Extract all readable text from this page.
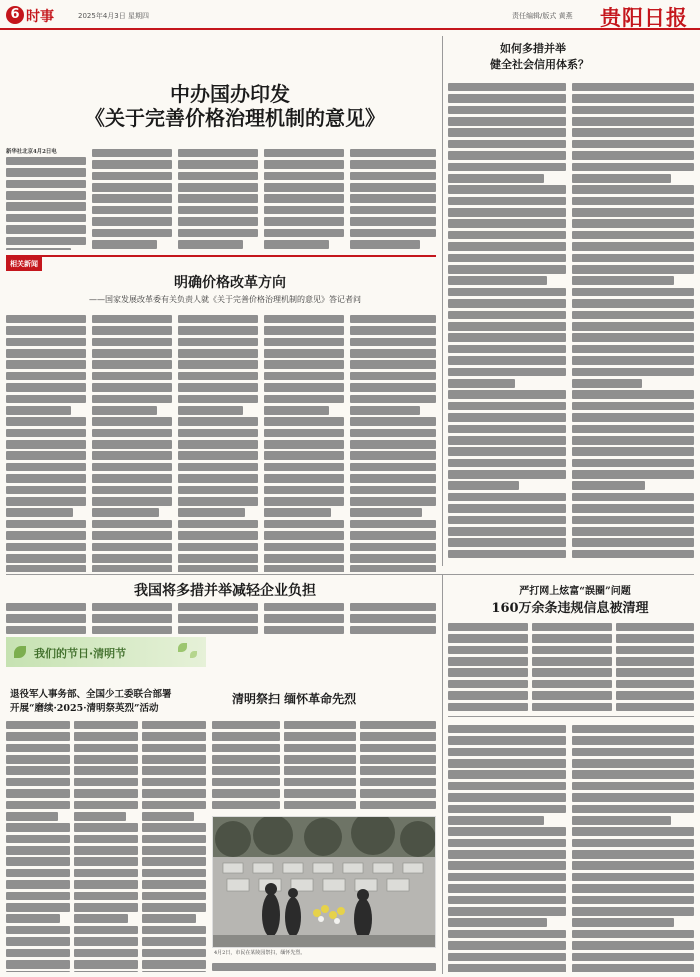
6 时事	2025年4月3日 星期四	责任编辑/版式 黄燕 贵阳日报
中办国办印发
《关于完善价格治理机制的意见》
如何多措并举
健全社会信用体系？
新华社北京4月2日电
相关新闻
明确价格改革方向
——国家发展改革委有关负责人就《关于完善价格治理机制的意见》答记者问
我国将多措并举减轻企业负担	严打网上炫富“誤圈”问题
160万余条违规信息被清理
我们的节日·清明节
退役军人事务部、全国少工委联合部署
开展“磨续·2025·清明祭英烈”活动
清明祭扫 缅怀革命先烈
4月2日，市民在某陵园祭扫，缅怀先烈。
